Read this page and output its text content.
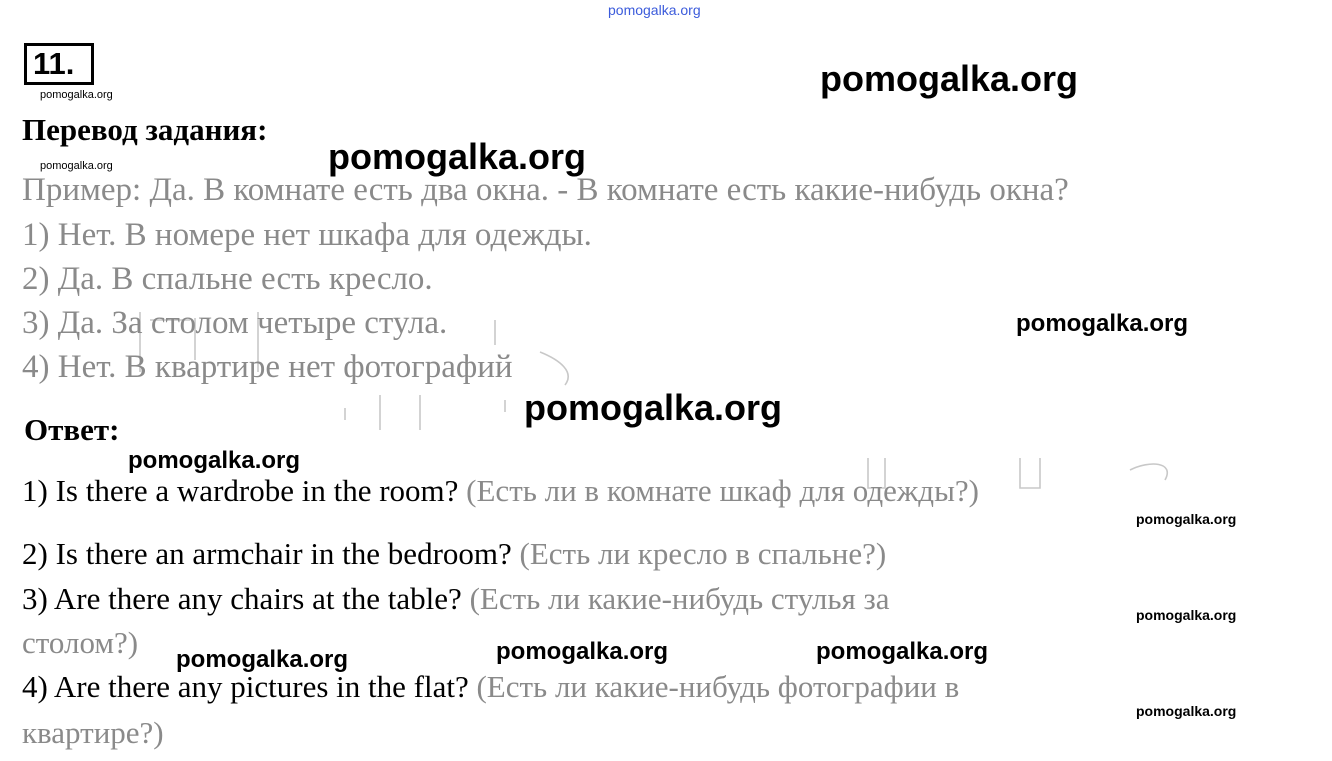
pomogalka.org
11.
pomogalka.org	pomogalka.org
Перевод задания:
pomogalka.org	pomogalka.org
Пример: Да. В комнате есть два окна. - В комнате есть какие-нибудь окна?
1) Нет. В номере нет шкафа для одежды.
2) Да. В спальне есть кресло.
3) Да. За столом четыре стула.
4) Нет. В квартире нет фотографий
pomogalka.org
pomogalka.org
Ответ:
pomogalka.org
1) Is there a wardrobe in the room? (Есть ли в комнате шкаф для одежды?)
pomogalka.org
2) Is there an armchair in the bedroom? (Есть ли кресло в спальне?)
3) Are there any chairs at the table? (Есть ли какие-нибудь стулья за	pomogalka.org
столом?) pomogalka.org	pomogalka.org	pomogalka.org
4) Are there any pictures in the flat? (Есть ли какие-нибудь фотографии в
pomogalka.org
квартире?)
